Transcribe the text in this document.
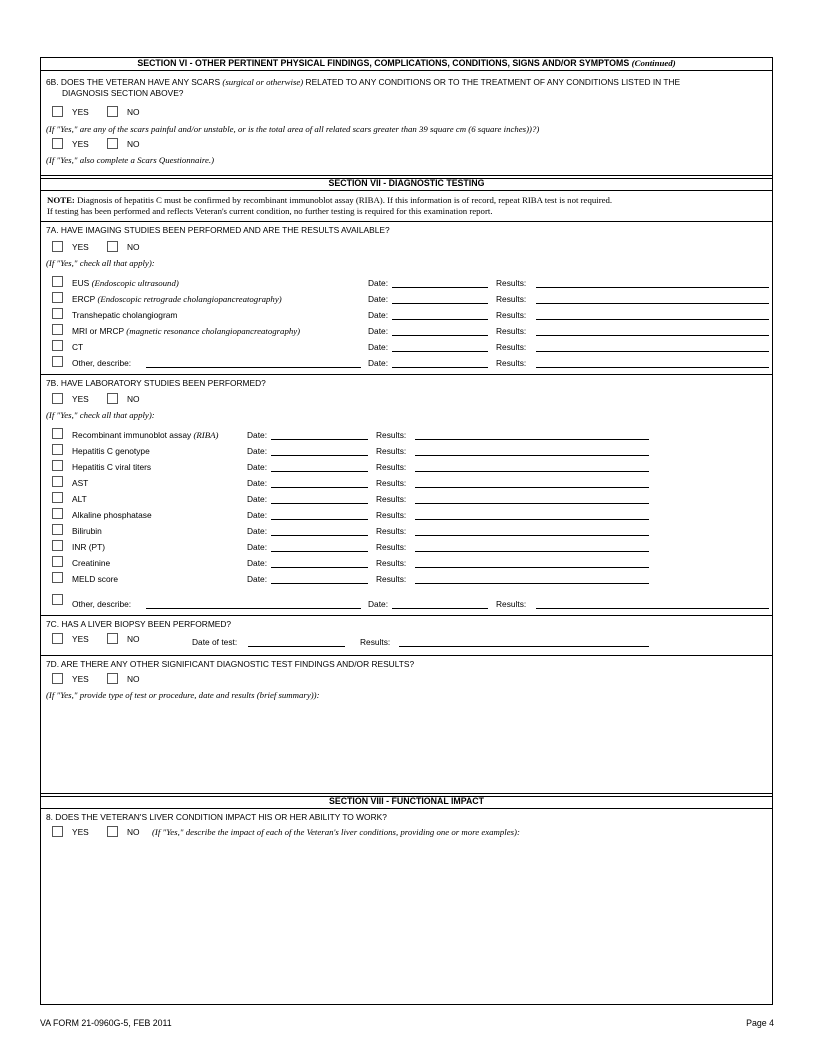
SECTION VI - OTHER PERTINENT PHYSICAL FINDINGS, COMPLICATIONS, CONDITIONS, SIGNS AND/OR SYMPTOMS (Continued)
6B. DOES THE VETERAN HAVE ANY SCARS (surgical or otherwise) RELATED TO ANY CONDITIONS OR TO THE TREATMENT OF ANY CONDITIONS LISTED IN THE
DIAGNOSIS SECTION ABOVE?
YES	NO
(If "Yes," are any of the scars painful and/or unstable, or is the total area of all related scars greater than 39 square cm (6 square inches))?)
YES	NO
(If "Yes," also complete a Scars Questionnaire.)
SECTION VII - DIAGNOSTIC TESTING
NOTE: Diagnosis of hepatitis C must be confirmed by recombinant immunoblot assay (RIBA). If this information is of record, repeat RIBA test is not required.
If testing has been performed and reflects Veteran's current condition, no further testing is required for this examination report.
7A. HAVE IMAGING STUDIES BEEN PERFORMED AND ARE THE RESULTS AVAILABLE?
YES	NO
(If "Yes," check all that apply):
EUS (Endoscopic ultrasound)	Date:	Results:
ERCP (Endoscopic retrograde cholangiopancreatography)	Date:	Results:
Transhepatic cholangiogram	Date:	Results:
MRI or MRCP (magnetic resonance cholangiopancreatography)	Date:	Results:
CT	Date:	Results:
Other, describe:	Date:	Results:
7B. HAVE LABORATORY STUDIES BEEN PERFORMED?
YES	NO
(If "Yes," check all that apply):
Recombinant immunoblot assay (RIBA)	Date:	Results:
Hepatitis C genotype	Date:	Results:
Hepatitis C viral titers	Date:	Results:
AST	Date:	Results:
ALT	Date:	Results:
Alkaline phosphatase	Date:	Results:
Bilirubin	Date:	Results:
INR (PT)	Date:	Results:
Creatinine	Date:	Results:
MELD score	Date:	Results:
Other, describe:	Date:	Results:
7C. HAS A LIVER BIOPSY BEEN PERFORMED?
YES	NO	Date of test:	Results:
7D. ARE THERE ANY OTHER SIGNIFICANT DIAGNOSTIC TEST FINDINGS AND/OR RESULTS?
YES	NO
(If "Yes," provide type of test or procedure, date and results (brief summary)):
SECTION VIII - FUNCTIONAL IMPACT
8. DOES THE VETERAN'S LIVER CONDITION IMPACT HIS OR HER ABILITY TO WORK?
YES	NO (If "Yes," describe the impact of each of the Veteran's liver conditions, providing one or more examples):
VA FORM 21-0960G-5, FEB 2011	Page 4
